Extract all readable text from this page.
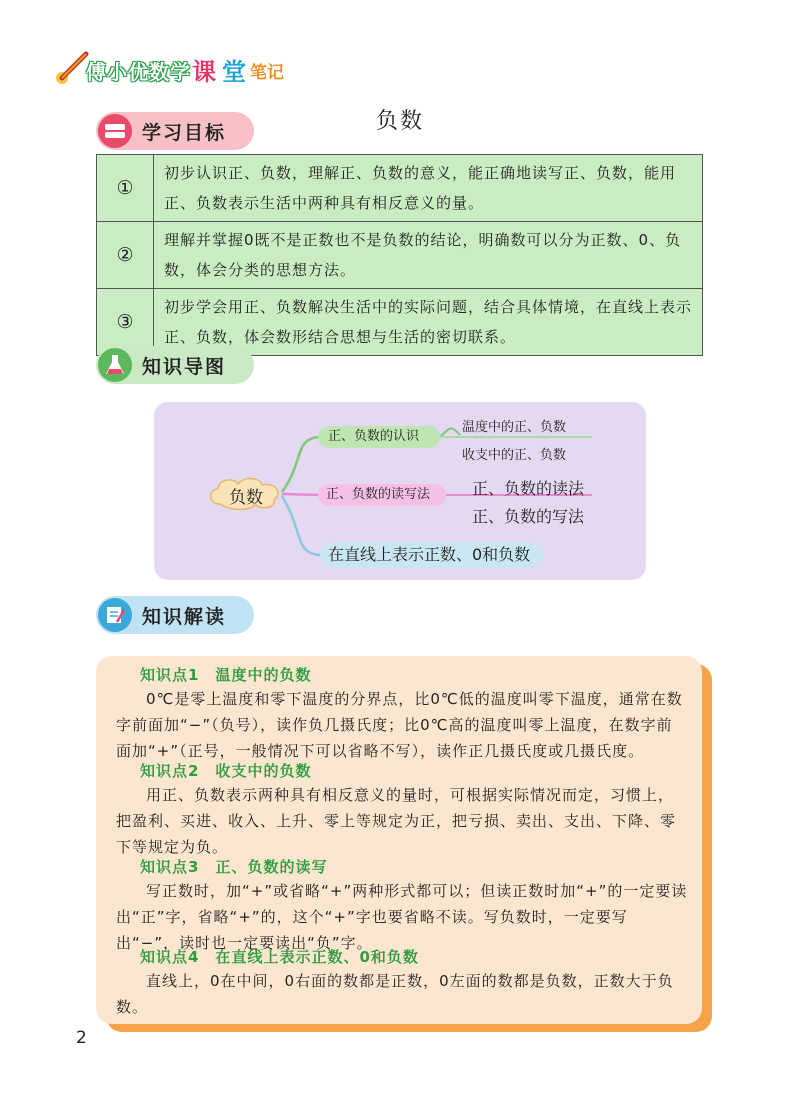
傅小优数学 课 堂 笔记
负数
学习目标
①	初步认识正、负数，理解正、负数的意义，能正确地读写正、负数，能用正、负数表示生活中两种具有相反意义的量。
②	理解并掌握0既不是正数也不是负数的结论，明确数可以分为正数、0、负数，体会分类的思想方法。
③	初步学会用正、负数解决生活中的实际问题，结合具体情境，在直线上表示正、负数，体会数形结合思想与生活的密切联系。
知识导图
负数
正、负数的认识
温度中的正、负数
收支中的正、负数
正、负数的读写法	正、负数的读法
正、负数的写法
在直线上表示正数、0和负数
知识解读
知识点1　温度中的负数
0℃是零上温度和零下温度的分界点，比0℃低的温度叫零下温度，通常在数字前面加“−”（负号），读作负几摄氏度；比0℃高的温度叫零上温度，在数字前面加“+”（正号，一般情况下可以省略不写），读作正几摄氏度或几摄氏度。
知识点2　收支中的负数
用正、负数表示两种具有相反意义的量时，可根据实际情况而定，习惯上，把盈利、买进、收入、上升、零上等规定为正，把亏损、卖出、支出、下降、零下等规定为负。
知识点3　正、负数的读写
写正数时，加“+”或省略“+”两种形式都可以；但读正数时加“+”的一定要读出“正”字，省略“+”的，这个“+”字也要省略不读。写负数时，一定要写出“−”，读时也一定要读出“负”字。
知识点4　在直线上表示正数、0和负数
直线上，0在中间，0右面的数都是正数，0左面的数都是负数，正数大于负数。
2
